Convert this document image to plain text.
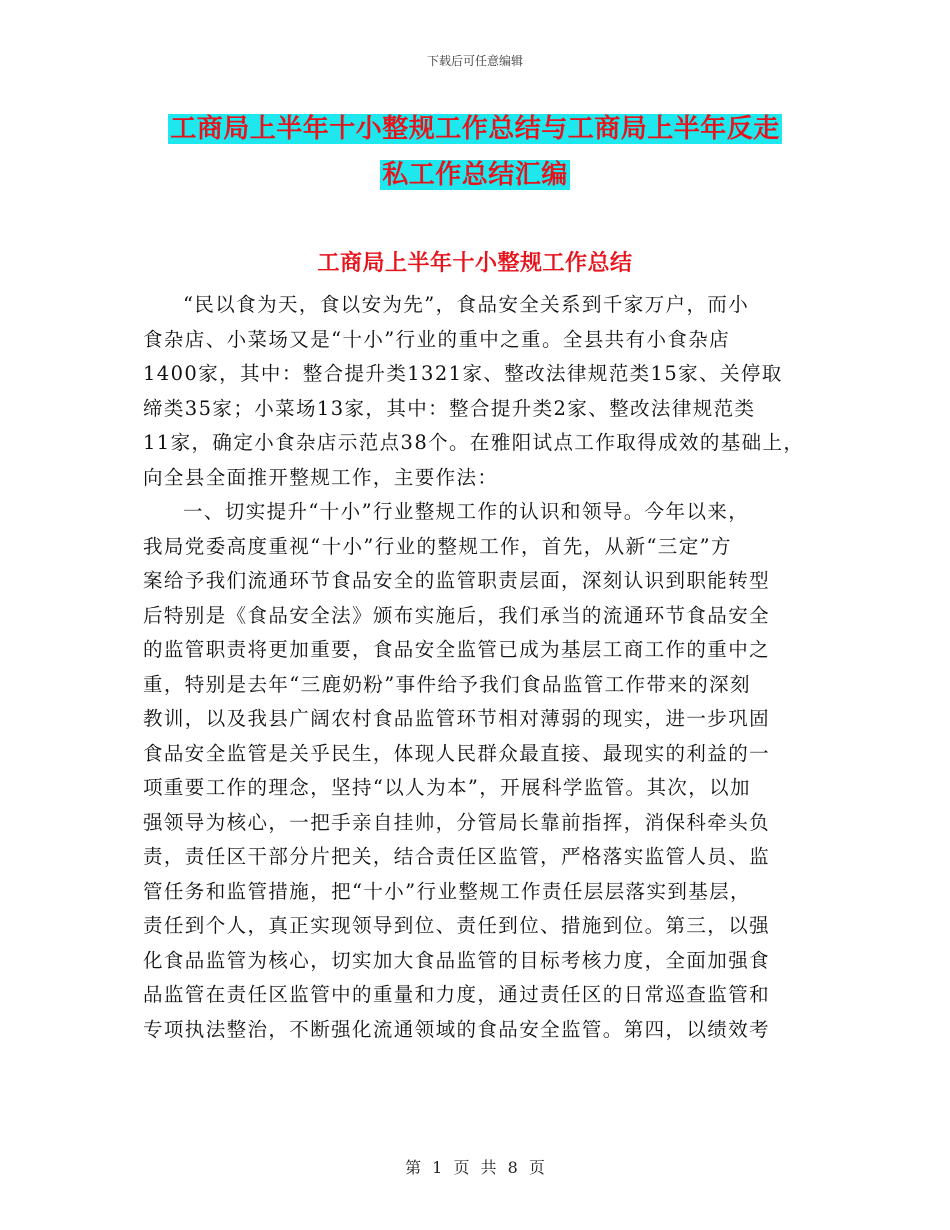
下载后可任意编辑
工商局上半年十小整规工作总结与工商局上半年反走
私工作总结汇编
工商局上半年十小整规工作总结
“民以食为天，食以安为先”，食品安全关系到千家万户，而小
食杂店、小菜场又是“十小”行业的重中之重。全县共有小食杂店
1400家，其中：整合提升类1321家、整改法律规范类15家、关停取
缔类35家；小菜场13家，其中：整合提升类2家、整改法律规范类
11家，确定小食杂店示范点38个。在雅阳试点工作取得成效的基础上，
向全县全面推开整规工作，主要作法：
一、切实提升“十小”行业整规工作的认识和领导。今年以来，
我局党委高度重视“十小”行业的整规工作，首先，从新“三定”方
案给予我们流通环节食品安全的监管职责层面，深刻认识到职能转型
后特别是《食品安全法》颁布实施后，我们承当的流通环节食品安全
的监管职责将更加重要，食品安全监管已成为基层工商工作的重中之
重，特别是去年“三鹿奶粉”事件给予我们食品监管工作带来的深刻
教训，以及我县广阔农村食品监管环节相对薄弱的现实，进一步巩固
食品安全监管是关乎民生，体现人民群众最直接、最现实的利益的一
项重要工作的理念，坚持“以人为本”，开展科学监管。其次，以加
强领导为核心，一把手亲自挂帅，分管局长靠前指挥，消保科牵头负
责，责任区干部分片把关，结合责任区监管，严格落实监管人员、监
管任务和监管措施，把“十小”行业整规工作责任层层落实到基层，
责任到个人，真正实现领导到位、责任到位、措施到位。第三，以强
化食品监管为核心，切实加大食品监管的目标考核力度，全面加强食
品监管在责任区监管中的重量和力度，通过责任区的日常巡查监管和
专项执法整治，不断强化流通领域的食品安全监管。第四，以绩效考
第 1 页 共 8 页
